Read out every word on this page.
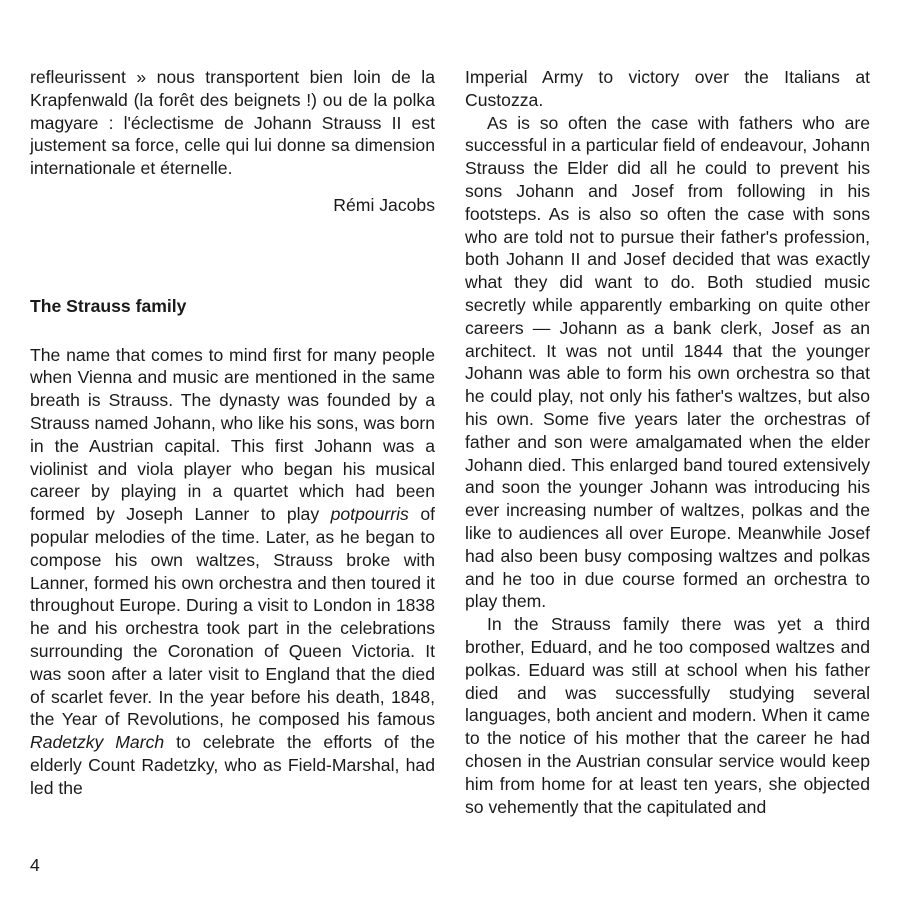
refleurissent » nous transportent bien loin de la Krapfenwald (la forêt des beignets !) ou de la polka magyare : l'éclectisme de Johann Strauss II est justement sa force, celle qui lui donne sa dimension internationale et éternelle.

Rémi Jacobs

The Strauss family

The name that comes to mind first for many people when Vienna and music are mentioned in the same breath is Strauss. The dynasty was founded by a Strauss named Johann, who like his sons, was born in the Austrian capital. This first Johann was a violinist and viola player who began his musical career by playing in a quartet which had been formed by Joseph Lanner to play potpourris of popular melodies of the time. Later, as he began to compose his own waltzes, Strauss broke with Lanner, formed his own orchestra and then toured it throughout Europe. During a visit to London in 1838 he and his orchestra took part in the celebrations surrounding the Coronation of Queen Victoria. It was soon after a later visit to England that the died of scarlet fever. In the year before his death, 1848, the Year of Revolutions, he composed his famous Radetzky March to celebrate the efforts of the elderly Count Radetzky, who as Field-Marshal, had led the

Imperial Army to victory over the Italians at Custozza.

As is so often the case with fathers who are successful in a particular field of endeavour, Johann Strauss the Elder did all he could to prevent his sons Johann and Josef from following in his footsteps. As is also so often the case with sons who are told not to pursue their father's profession, both Johann II and Josef decided that was exactly what they did want to do. Both studied music secretly while apparently embarking on quite other careers — Johann as a bank clerk, Josef as an architect. It was not until 1844 that the younger Johann was able to form his own orchestra so that he could play, not only his father's waltzes, but also his own. Some five years later the orchestras of father and son were amalgamated when the elder Johann died. This enlarged band toured extensively and soon the younger Johann was introducing his ever increasing number of waltzes, polkas and the like to audiences all over Europe. Meanwhile Josef had also been busy composing waltzes and polkas and he too in due course formed an orchestra to play them.

In the Strauss family there was yet a third brother, Eduard, and he too composed waltzes and polkas. Eduard was still at school when his father died and was successfully studying several languages, both ancient and modern. When it came to the notice of his mother that the career he had chosen in the Austrian consular service would keep him from home for at least ten years, she objected so vehemently that the capitulated and

4
